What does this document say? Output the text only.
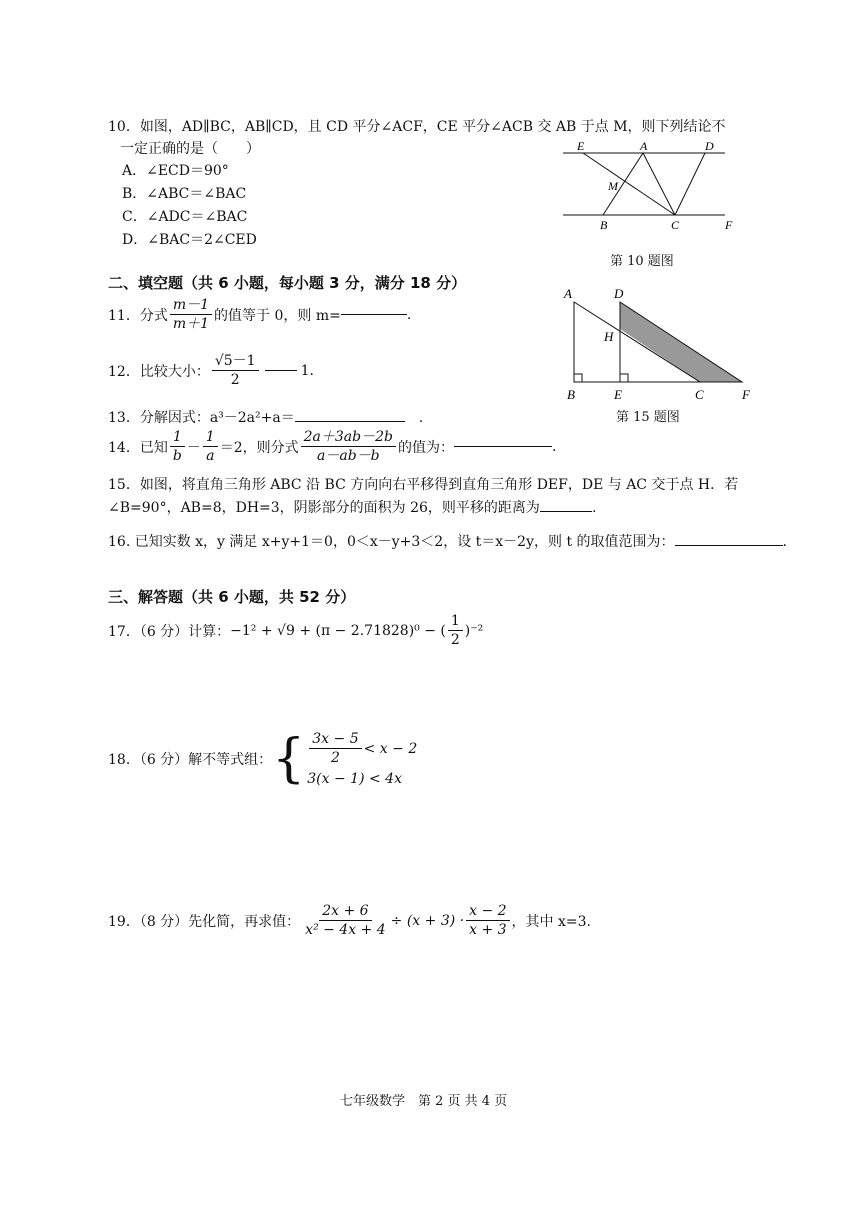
10．如图，AD∥BC，AB∥CD，且 CD 平分∠ACF，CE 平分∠ACB 交 AB 于点 M，则下列结论不
一定正确的是（　　）
A．∠ECD＝90°
B．∠ABC＝∠BAC
C．∠ADC＝∠BAC
D．∠BAC＝2∠CED
E	A	D
M
B	C	F
第 10 题图
二、填空题（共 6 小题，每小题 3 分，满分 18 分）
11．分式 $\frac{m-1}{m+1}$ 的值等于 0，则 m=	.
12．比较大小： $\frac{√5-1}{2}$	1.
13．分解因式：a³－2a²+a＝	.
14．已知 $\frac{1}{b} - \frac{1}{a} =2$，则分式 $\frac{2a+3ab-2b}{a-ab-b}$ 的值为：	.
A	D
H
B	E	C	F
第 15 题图
15．如图，将直角三角形 ABC 沿 BC 方向向右平移得到直角三角形 DEF，DE 与 AC 交于点 H．若
∠B=90°，AB=8，DH=3，阴影部分的面积为 26，则平移的距离为	.
16. 已知实数 x，y 满足 x+y+1＝0，0＜x－y+3＜2，设 t＝x－2y，则 t 的取值范围为：	.
三、解答题（共 6 小题，共 52 分）
17．（6 分）计算： −1² + √9 + (π − 2.71828)⁰ − ( $\frac{1}{2} )^{-2}$
18．（6 分）解不等式组： { $\frac{3x - 5}{2} < x - 2$
3(x − 1) < 4x
19．（8 分）先化简，再求值： $\frac{2x + 6}{\text{x² − 4x + 4}} \div (x + 3) \cdot \frac{x - 2}{x + 3}$ ，其中 x=3.
七年级数学　第 2 页 共 4 页
